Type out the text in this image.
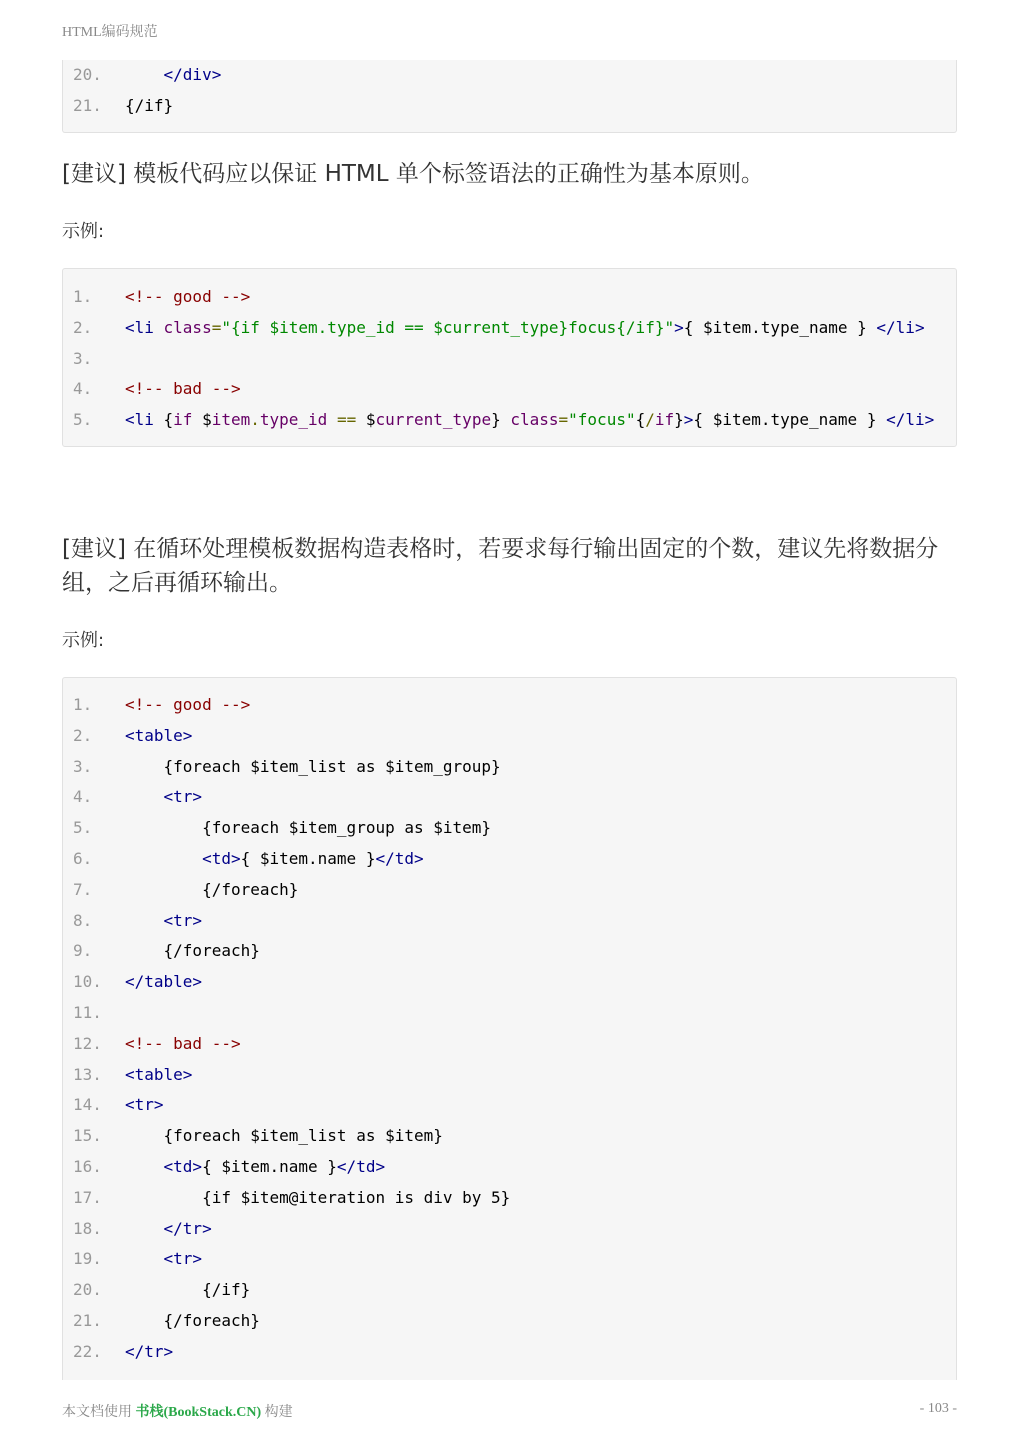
HTML编码规范
20.	</div>
21.	{/if}
[建议] 模板代码应以保证 HTML 单个标签语法的正确性为基本原则。

示例:

1.	<!-- good -->
2.	<li class="{if $item.type_id == $current_type}focus{/if}">{ $item.type_name } </li>
3.
4.	<!-- bad -->
5.	<li {if $item.type_id == $current_type} class="focus"{/if}>{ $item.type_name } </li>
[建议] 在循环处理模板数据构造表格时，若要求每行输出固定的个数，建议先将数据分组，之后再循环输出。

示例:

1.	<!-- good -->
2.	<table>
3.	{foreach $item_list as $item_group}
4.	<tr>
5.	{foreach $item_group as $item}
6.	<td>{ $item.name }</td>
7.	{/foreach}
8.	<tr>
9.	{/foreach}
10.	</table>
11.
12.	<!-- bad -->
13.	<table>
14.	<tr>
15.	{foreach $item_list as $item}
16.	<td>{ $item.name }</td>
17.	{if $item@iteration is div by 5}
18.	</tr>
19.	<tr>
20.	{/if}
21.	{/foreach}
22.	</tr>
本文档使用 书栈(BookStack.CN) 构建	- 103 -
